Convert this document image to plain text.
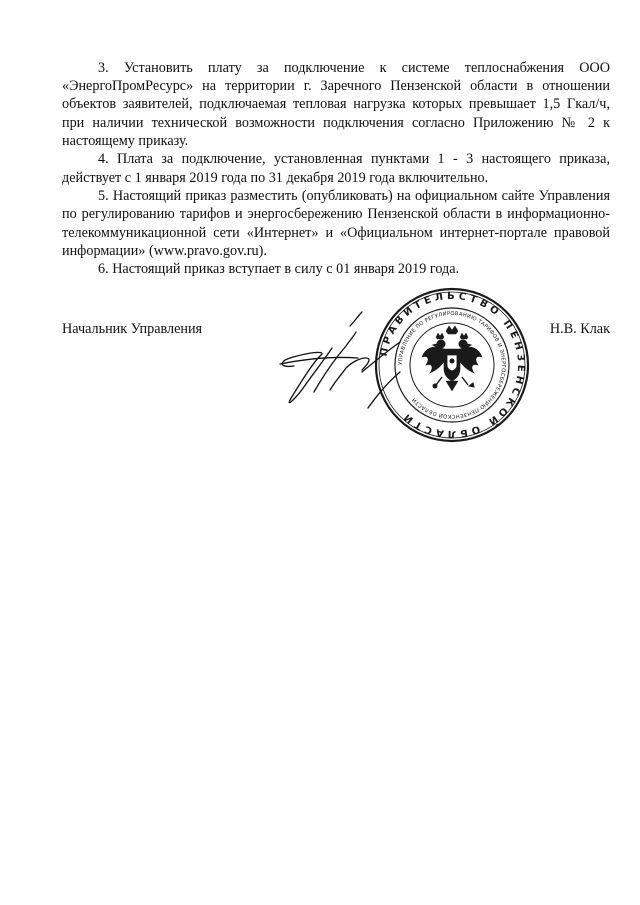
3. Установить плату за подключение к системе теплоснабжения ООО «ЭнергоПромРесурс» на территории г. Заречного Пензенской области в отношении объектов заявителей, подключаемая тепловая нагрузка которых превышает 1,5 Гкал/ч, при наличии технической возможности подключения согласно Приложению № 2 к настоящему приказу.

4. Плата за подключение, установленная пунктами 1 - 3 настоящего приказа, действует с 1 января 2019 года по 31 декабря 2019 года включительно.

5. Настоящий приказ разместить (опубликовать) на официальном сайте Управления по регулированию тарифов и энергосбережению Пензенской области в информационно-телекоммуникационной сети «Интернет» и «Официальном интернет-портале правовой информации» (www.pravo.gov.ru).

6. Настоящий приказ вступает в силу с 01 января 2019 года.

Начальник Управления	Н.В. Клак
ПРАВИТЕЛЬСТВО ПЕНЗЕНСКОЙ ОБЛАСТИ
УПРАВЛЕНИЕ ПО РЕГУЛИРОВАНИЮ ТАРИФОВ И ЭНЕРГОСБЕРЕЖЕНИЮ ПЕНЗЕНСКОЙ ОБЛАСТИ
